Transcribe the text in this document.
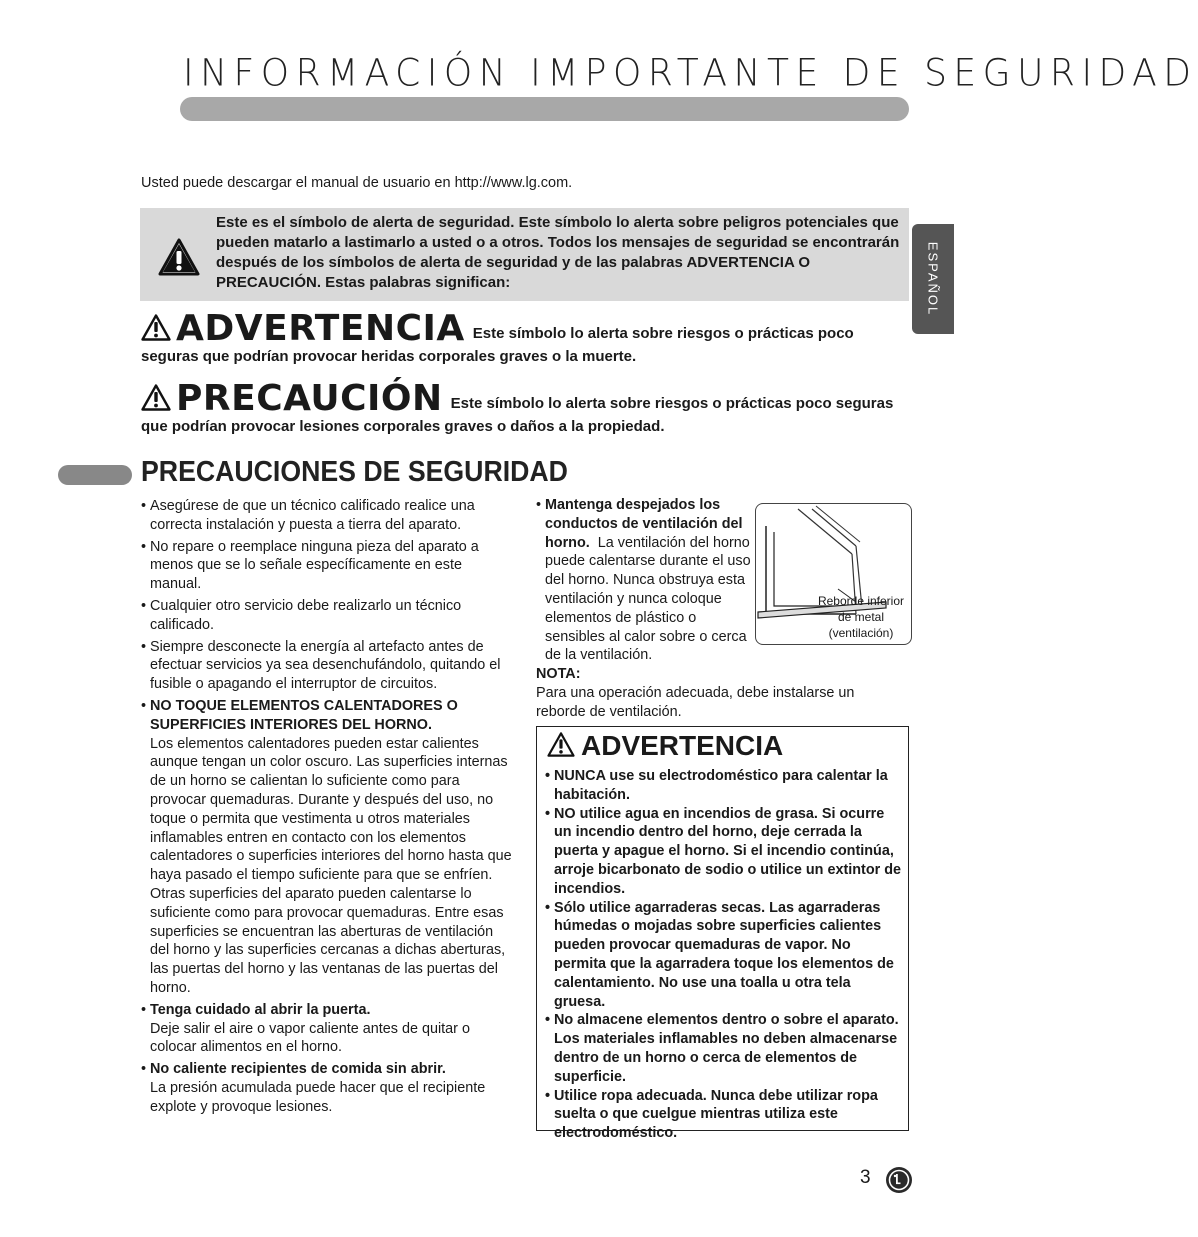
INFORMACIÓN IMPORTANTE DE SEGURIDAD
ESPAÑOL
Usted puede descargar el manual de usuario en http://www.lg.com.
Este es el símbolo de alerta de seguridad. Este símbolo lo alerta sobre peligros potenciales que pueden matarlo a lastimarlo a usted o a otros. Todos los mensajes de seguridad se encontrarán después de los símbolos de alerta de seguridad y de las palabras ADVERTENCIA O PRECAUCIÓN. Estas palabras significan:
ADVERTENCIA Este símbolo lo alerta sobre riesgos o prácticas poco seguras que podrían provocar heridas corporales graves o la muerte.
PRECAUCIÓN Este símbolo lo alerta sobre riesgos o prácticas poco seguras que podrían provocar lesiones corporales graves o daños a la propiedad.
PRECAUCIONES DE SEGURIDAD
• Asegúrese de que un técnico calificado realice una correcta instalación y puesta a tierra del aparato.
• No repare o reemplace ninguna pieza del aparato a menos que se lo señale específicamente en este manual.
• Cualquier otro servicio debe realizarlo un técnico calificado.
• Siempre desconecte la energía al artefacto antes de efectuar servicios ya sea desenchufándolo, quitando el fusible o apagando el interruptor de circuitos.
• NO TOQUE ELEMENTOS CALENTADORES O SUPERFICIES INTERIORES DEL HORNO.
Los elementos calentadores pueden estar calientes aunque tengan un color oscuro. Las superficies internas de un horno se calientan lo suficiente como para provocar quemaduras. Durante y después del uso, no toque o permita que vestimenta u otros materiales inflamables entren en contacto con los elementos calentadores o superficies interiores del horno hasta que haya pasado el tiempo suficiente para que se enfríen. Otras superficies del aparato pueden calentarse lo suficiente como para provocar quemaduras. Entre esas superficies se encuentran las aberturas de ventilación del horno y las superficies cercanas a dichas aberturas, las puertas del horno y las ventanas de las puertas del horno.
• Tenga cuidado al abrir la puerta.
Deje salir el aire o vapor caliente antes de quitar o colocar alimentos en el horno.
• No caliente recipientes de comida sin abrir.
La presión acumulada puede hacer que el recipiente explote y provoque lesiones.
• Mantenga despejados los conductos de ventilación del horno. La ventilación del horno puede calentarse durante el uso del horno. Nunca obstruya esta ventilación y nunca coloque elementos de plástico o sensibles al calor sobre o cerca de la ventilación.
Reborde inferior de metal (ventilación)
NOTA:
Para una operación adecuada, debe instalarse un reborde de ventilación.
ADVERTENCIA
• NUNCA use su electrodoméstico para calentar la habitación.
• NO utilice agua en incendios de grasa. Si ocurre un incendio dentro del horno, deje cerrada la puerta y apague el horno. Si el incendio continúa, arroje bicarbonato de sodio o utilice un extintor de incendios.
• Sólo utilice agarraderas secas. Las agarraderas húmedas o mojadas sobre superficies calientes pueden provocar quemaduras de vapor. No permita que la agarradera toque los elementos de calentamiento. No use una toalla u otra tela gruesa.
• No almacene elementos dentro o sobre el aparato. Los materiales inflamables no deben almacenarse dentro de un horno o cerca de elementos de superficie.
• Utilice ropa adecuada. Nunca debe utilizar ropa suelta o que cuelgue mientras utiliza este electrodoméstico.
3
